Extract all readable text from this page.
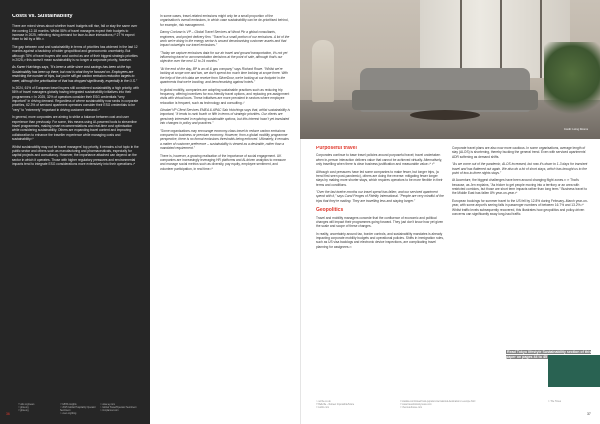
Costs vs. Sustainability

There are mixed views about whether travel budgets will rise, fall or stay the same over the coming 12-18 months. Whilst 58% of travel managers expect their budgets to increase in 2025, reflecting rising demand for face-to-face interactions,¹⁰ 27 % expect them to fall by a fifth.¹¹

The gap between cost and sustainability in terms of priorities has widened in the last 12 months against a backdrop of wider geopolitical and geoeconomic uncertainty. But although 78% of travel buyers cite cost control as one of their biggest strategic priorities in 2025,¹² this doesn't mean sustainability is no longer a corporate priority, however.

As Karen Hutchings says, "It's been a while since cost savings has been at the top. Sustainability has been up there, but cost is what they're focused on. Employees are restricting the number of trips, but you're still got carbon emission reduction targets to meet, although the prioritisation of that has dropped significantly, especially in the U.S."

In 2024, 61% of European travel buyers still considered sustainability a high priority, with 56% of travel managers globally having integrated sustainability initiatives into their programmes.¹³ In 2025, 32% of operators consider their ESG credentials "very important" in driving demand. Regardless of where sustainability now ranks in corporate priorities, 62.3% of serviced apartment operators consider their ESG credentials to be "very" to "extremely" important in driving customer demand.¹⁴

In general, more corporates are aiming to strike a balance between cost and user experience than previously. For some, this means using AI-powered tools to streamline travel programmes, making smart recommendations and real-time cost optimisation while considering sustainability. Others are expanding travel content and improving collaboration to enhance the traveller experience while managing costs and sustainability.¹⁵

Whilst sustainability may not be travel managers' top priority, it remains a hot topic in the public sector and others such as manufacturing and pharmaceuticals, especially for capital projects and consultancy. However, the importance attached can depend on the sector in which it operates. Those with higher regulatory pressures and environmental impacts tend to integrate ESG considerations more extensively into their operations.¹⁶

¹⁰ wttc.org/news
¹¹ gbta.org
¹² gbta.org
¹³ GBTA insights
¹⁴ 2025 Global Hospitality Operator Sentiment
¹⁵ oxen.org/blog
¹⁶ www.ey.com
¹⁷ Global Travel/Operator Sentiment
¹⁸ tmcplanner.com
36

In some cases, travel-related emissions might only be a small proportion of the organisation's overall emissions, in which case sustainability can be de-prioritised behind, for example, risk management.

Danny Cockran is VP – Global Travel Services at Wood Plc a global consultants, engineers, and project delivery firm. "Travel is a small portion of our emissions. A lot of the work we're doing in the energy sector is around decarbonising customer assets and that impact outweighs our travel emissions."

"Today we capture emissions data for our air travel and ground transportation, it's not yet influencing travel or accommodation decisions at the point of sale, although that's our objective over the next 12 to 24 months."

"At the end of the day, BP is an oil & gas company" says Richard Rowe. "Whilst we're looking at scope one and two, we don't spend too much time looking at scope three. With the help of the rich data we receive from SilverDoor, we're looking at our footprint in the apartments that we're booking, and benchmarking against hotels."

In global mobility, companies are adopting sustainable practices such as reducing trip frequency, offering incentives for eco-friendly travel options, and replacing pre-assignment visits with virtual tours. These initiatives are more prevalent in sectors where employee relocation is frequent, such as technology and consulting.¹⁷

Ginabel VP Client Services EMEA & APAC Sab Hutchings says that, whilst sustainability is important, "It tends to rank fourth or fifth in terms of strategic priorities. Our clients are genuinely interested in exploring sustainable options, but this interest hasn't yet translated into changes in policy and practices."

"Some organisations may encourage economy-class travel to reduce carbon emissions compared to business or premium economy. However, from a global mobility programme perspective, there is no formal emissions thresholds being enforced. Ultimately, it remains a matter of customer preference – sustainability is viewed as a desirable, rather than a mandated requirement."

There is, however, a growing realisation of the importance of social engagement. UK companies are increasingly leveraging HR platforms and AI-driven analytics to measure and manage social metrics such as diversity, pay equity, employee sentiment, and volunteer participation, in real time.¹⁸

Credit: Living Rooms
Purposeful travel

Corporates continue to base travel policies around purposeful travel; travel undertaken when in-person interaction delivers value that cannot be achieved virtually. Alternatively, only travelling when there is clear business justification and measurable value.¹⁹ ²⁰

Although cost pressures have led some companies to make fewer, but longer trips, (a trend first seen post-pandemic), others are doing the reverse: mitigating fewer longer stays by making more shorter stays, which requires operators to be more flexible in their terms and conditions.

"Over the last twelve months our travel spend has fallen, and our serviced apartment spend with it," says Carol Fenges of Fidelity International. "People are very mindful of the trips that they're making. They are travelling less and staying longer."

Geopolitics

Travel and mobility managers concede that the confluence of economic and political changes will impact their programmes going forward. They just don't know how yet given the scale and scope of these changes.

In reality, uncertainty around tax, border controls, and sustainability mandates is already impacting corporate mobility budgets and operational policies. Shifts in immigration rules, such as US visa backlogs and electronic device inspections, are complicating travel planning for assignees.²¹

Corporate travel plans are also now more cautious. In some organisations, average length of stay (ALOS) is shortening, thereby bucking the general trend. Even with serviced apartments' ADR softening as demand shifts.

"As we come out of the pandemic, ALOS increased, but now it's down to 1-3 days for transient travel and has flattened out again. We also do a lot of short stays, which has brought us to the point of two-to-three nights stays."

At Accenture, the biggest challenges have been around changing flight zones.²² ²³ That's because, as Jen explains, "As tricker to get people moving into a territory or an area with restricted corridors, but those are short term impacts rather than long term." Business travel to the Middle East has fallen 8% year-on-year.²⁴

European bookings for summer travel to the US fell by 12.8% during February–March year-on-year, with some airport's seeing falls in passenger numbers of between 16.7% and 13.2%.²⁵ Whilst traffic levels subsequently recovered, this illustrates how geopolitics and policy-driven concerns can significantly sway long-haul traffic.

Read Tokyo lifestyle Sustainability section of this paper on pages 44 to 45
¹⁹ scribe.co.uk
²⁰ Bellville – Rebeet Impossible/future
²¹ zeitlin.com
²² statista.com/travel/most-popular-international-destination-in-europe.html
²³ www.travelindustrynews.com
²⁴ theroutehouse.com
²⁵ The Times
37
